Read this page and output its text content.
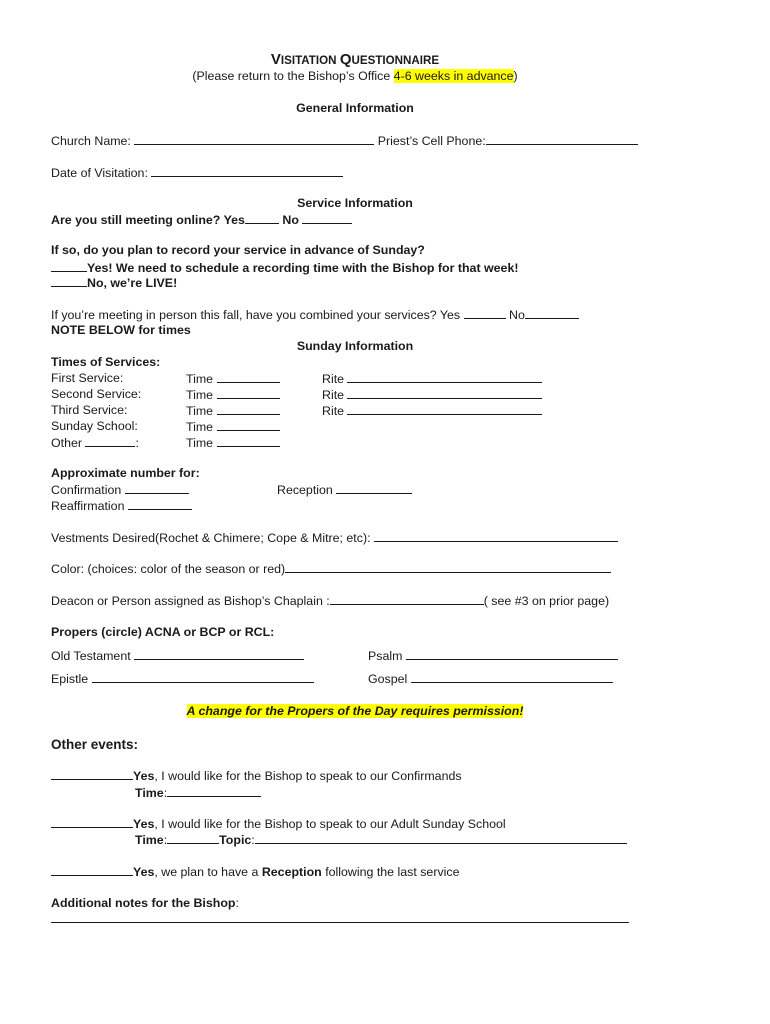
VISITATION QUESTIONNAIRE
(Please return to the Bishop’s Office 4-6 weeks in advance)
General Information
Church Name:	Priest’s Cell Phone:
Date of Visitation:
Service Information
Are you still meeting online? Yes	No
If so, do you plan to record your service in advance of Sunday?
Yes! We need to schedule a recording time with the Bishop for that week!
No, we’re LIVE!
If you’re meeting in person this fall, have you combined your services? Yes	No
NOTE BELOW for times
Sunday Information
Times of Services:
First Service:	Time	Rite
Second Service:	Time	Rite
Third Service:	Time	Rite
Sunday School:	Time
Other	:	Time
Approximate number for:
Confirmation	Reception
Reaffirmation
Vestments Desired(Rochet & Chimere; Cope & Mitre; etc):
Color: (choices: color of the season or red)
Deacon or Person assigned as Bishop’s Chaplain :	( see #3 on prior page)
Propers (circle) ACNA or BCP or RCL:
Old Testament	Psalm
Epistle	Gospel
A change for the Propers of the Day requires permission!
Other events:
Yes, I would like for the Bishop to speak to our Confirmands
Time:
Yes, I would like for the Bishop to speak to our Adult Sunday School
Time:	Topic:
Yes, we plan to have a Reception following the last service
Additional notes for the Bishop:
